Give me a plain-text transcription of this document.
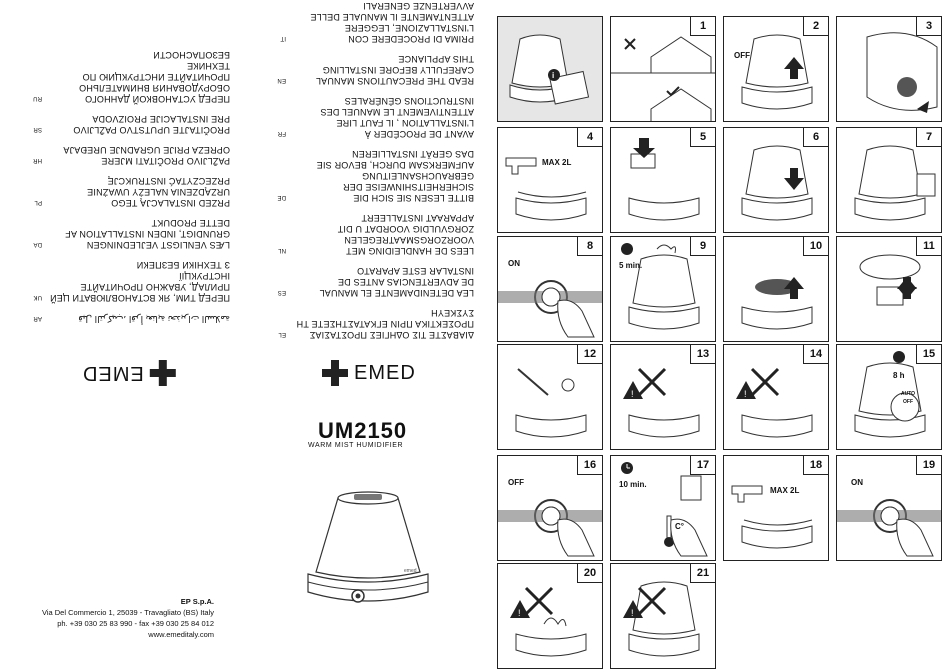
قبل التركيب، اقرأ بعناية تحذيرات السلامة
AR
ПЕРЕД ТИМ, ЯК ВСТАНОВЛЮВАТИ ЦЕЙ
ПРИЛАД, УВАЖНО ПРОЧИТАЙТЕ ІНСТРУКЦІЇ
З ТЕХНІКИ БЕЗПЕКИ
UK
LÆS VENLIGST VEJLEDNINGEN
GRUNDIGT, INDEN INSTALLATION AF
DETTE PRODUKT
DA
PRZED INSTALACJĄ TEGO
URZĄDZENIA NALEŻY UWAŻNIE
PRZECZYTAĆ INSTRUKCJĘ
PL
PAŽLJIVO PROČITATI MJERE
OPREZA PRIJE UGRADNJE UREĐAJA
HR
PROČITAJTE UPUTSTVO PAŽLJIVO
PRE INSTALACIJE PROIZVODA
SR
ПЕРЕД УСТАНОВКОЙ ДАННОГО
ОБОРУДОВАНИЯ ВНИМАТЕЛЬНО
ПРОЧИТАЙТЕ ИНСТРУКЦИЮ ПО ТЕХНИКЕ
БЕЗОПАСНОСТИ
RU
ΔΙΑΒΑΣΤΕ ΤΙΣ ΟΔΗΓΙΕΣ ΠΡΟΣΤΑΣΙΑΣ
ΠΡΟΣΕΚΤΙΚΑ ΠΡΙΝ ΕΓΚΑΤΑΣΤΗΣΕΤΕ ΤΗ
ΣΥΣΚΕΥΗ
EL
LEA DETENIDAMENTE EL MANUAL
DE ADVERTENCIAS ANTES DE
INSTALAR ESTE APARATO
ES
LEES DE HANDLEIDING MET
VOORZORGSMAATREGELEN
ZORGVULDIG VOORDAT U DIT
APPARAAT INSTALLEERT
NL
BITTE LESEN SIE SICH DIE
SICHERHEITSHINWEISE DER
GEBRAUCHSANLEITUNG
AUFMERKSAM DURCH, BEVOR SIE
DAS GERÄT INSTALLIEREN
DE
AVANT DE PROCÉDER À
L'INSTALLATION , IL FAUT LIRE
ATTENTIVEMENT LE MANUEL DES
INSTRUCTIONS GÉNÉRALES
FR
READ THE PRECAUTIONS MANUAL
CAREFULLY BEFORE INSTALLING
THIS APPLIANCE
EN
PRIMA DI PROCEDERE CON
L'INSTALLAZIONE, LEGGERE
ATTENTAMENTE IL MANUALE DELLE
AVVERTENZE GENERALI
IT
EMED	EMED
UM2150
WARM MIST HUMIDIFIER
emed
EP S.p.A.
Via Del Commercio 1, 25039 - Travagliato (BS) Italy
ph. +39 030 25 83 990 - fax +39 030 25 84 012
www.emeditaly.com
i
1	2
OFF
3
4
MAX 2L
5	6	7
8
ON
9
5 min.
10	11
12
!
13
!
14	15
8 h
AUTO
OFF
16
OFF
17
10 min.
C°
18
MAX 2L
19
ON
!
20
!
21
